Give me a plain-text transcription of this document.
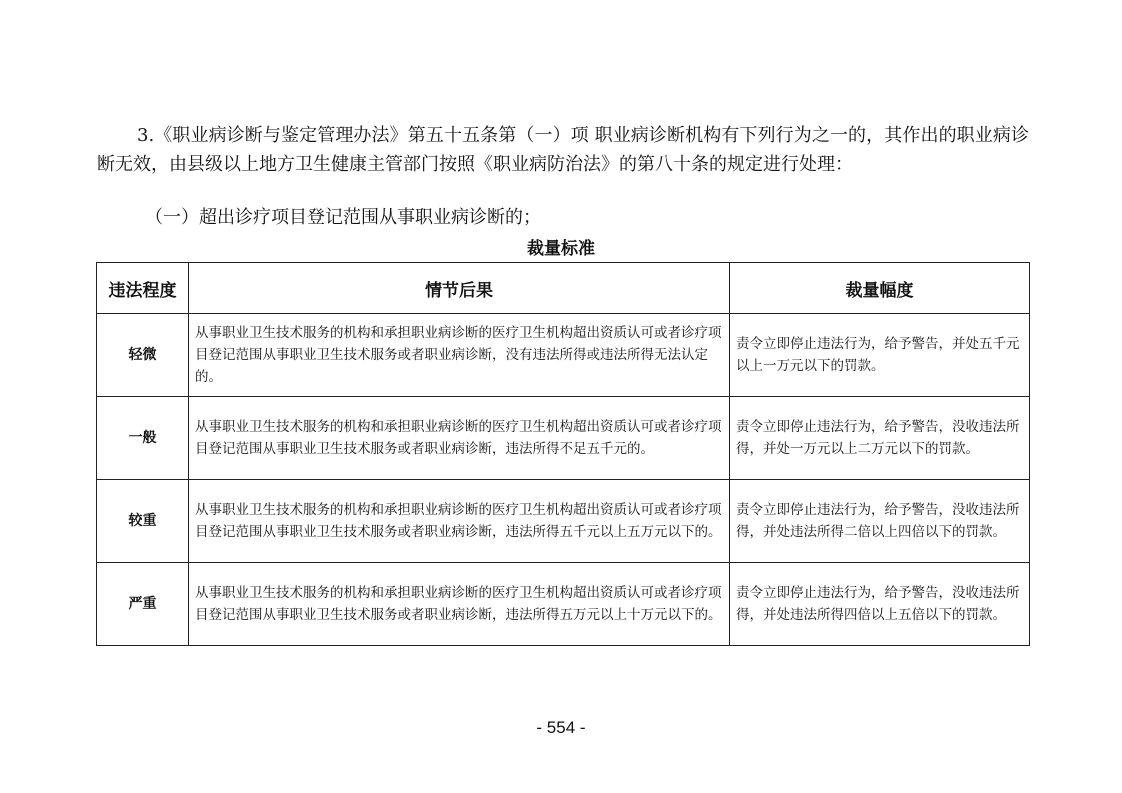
3.《职业病诊断与鉴定管理办法》第五十五条第（一）项 职业病诊断机构有下列行为之一的，其作出的职业病诊断无效，由县级以上地方卫生健康主管部门按照《职业病防治法》的第八十条的规定进行处理：

（一）超出诊疗项目登记范围从事职业病诊断的；

裁量标准
违法程度	情节后果	裁量幅度
轻微	从事职业卫生技术服务的机构和承担职业病诊断的医疗卫生机构超出资质认可或者诊疗项目登记范围从事职业卫生技术服务或者职业病诊断，没有违法所得或违法所得无法认定的。	责令立即停止违法行为，给予警告，并处五千元以上一万元以下的罚款。
一般	从事职业卫生技术服务的机构和承担职业病诊断的医疗卫生机构超出资质认可或者诊疗项目登记范围从事职业卫生技术服务或者职业病诊断，违法所得不足五千元的。	责令立即停止违法行为，给予警告，没收违法所得，并处一万元以上二万元以下的罚款。
较重	从事职业卫生技术服务的机构和承担职业病诊断的医疗卫生机构超出资质认可或者诊疗项目登记范围从事职业卫生技术服务或者职业病诊断，违法所得五千元以上五万元以下的。	责令立即停止违法行为，给予警告，没收违法所得，并处违法所得二倍以上四倍以下的罚款。
严重	从事职业卫生技术服务的机构和承担职业病诊断的医疗卫生机构超出资质认可或者诊疗项目登记范围从事职业卫生技术服务或者职业病诊断，违法所得五万元以上十万元以下的。	责令立即停止违法行为，给予警告，没收违法所得，并处违法所得四倍以上五倍以下的罚款。
- 554 -
